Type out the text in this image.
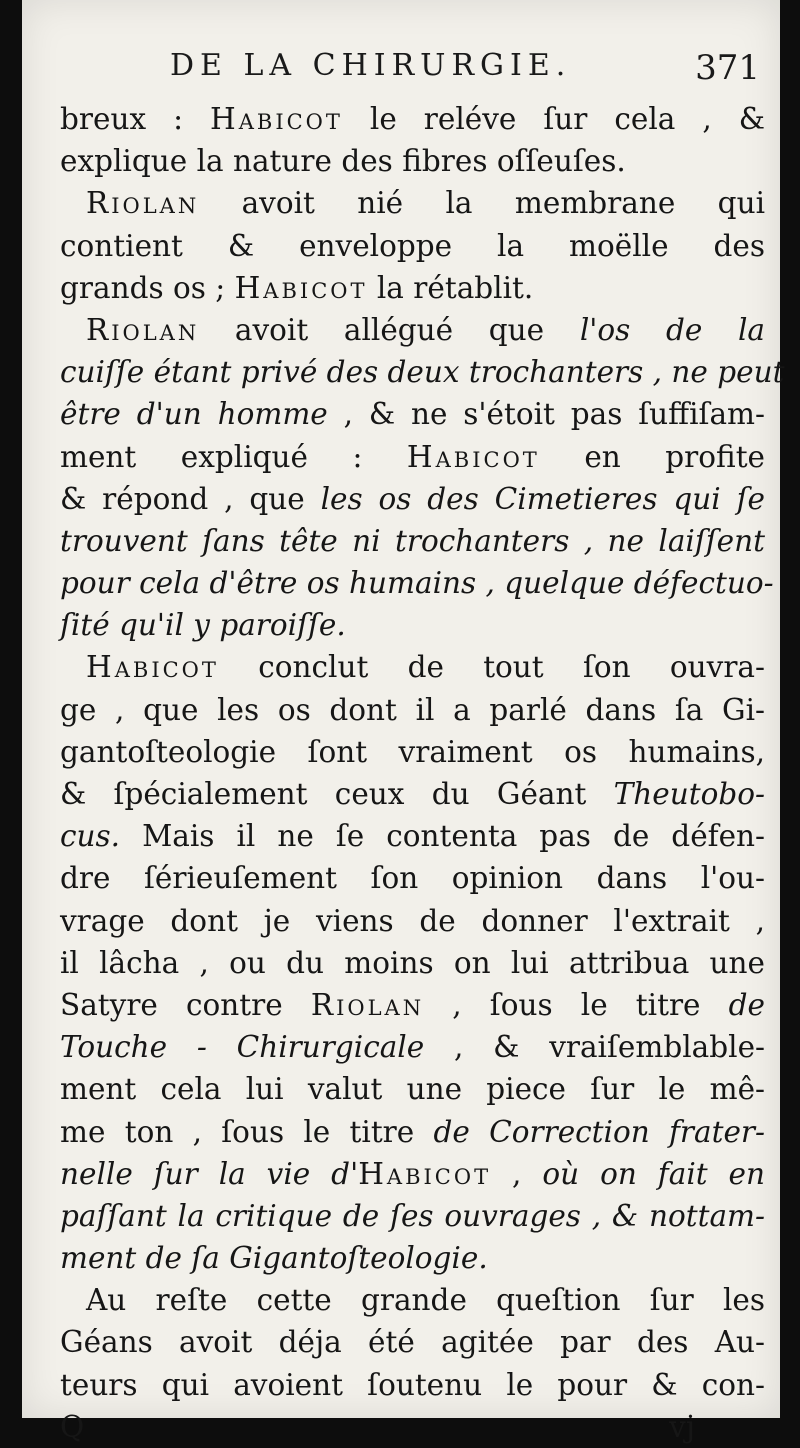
DE LA CHIRURGIE.	371
breux : Habicot le reléve ſur cela , &
explique la nature des fibres oſſeuſes.
Riolan avoit nié la membrane qui
contient & enveloppe la moëlle des
grands os ; Habicot la rétablit.
Riolan avoit allégué que l'os de la
cuiſſe étant privé des deux trochanters , ne peut
être d'un homme , & ne s'étoit pas ſuffiſam-
ment expliqué : Habicot en profite
& répond , que les os des Cimetieres qui ſe
trouvent ſans tête ni trochanters , ne laiſſent
pour cela d'être os humains , quelque défectuo-
ſité qu'il y paroiſſe.
Habicot conclut de tout ſon ouvra-
ge , que les os dont il a parlé dans ſa Gi-
gantoſteologie ſont vraiment os humains,
& ſpécialement ceux du Géant Theutobo-
cus. Mais il ne ſe contenta pas de défen-
dre ſérieuſement ſon opinion dans l'ou-
vrage dont je viens de donner l'extrait ,
il lâcha , ou du moins on lui attribua une
Satyre contre Riolan , ſous le titre de
Touche - Chirurgicale , & vraiſemblable-
ment cela lui valut une piece ſur le mê-
me ton , ſous le titre de Correction frater-
nelle ſur la vie d'Habicot , où on fait en
paſſant la critique de ſes ouvrages , & nottam-
ment de ſa Gigantoſteologie.
Au reſte cette grande queſtion ſur les
Géans avoit déja été agitée par des Au-
teurs qui avoient ſoutenu le pour & con-
Q vj
